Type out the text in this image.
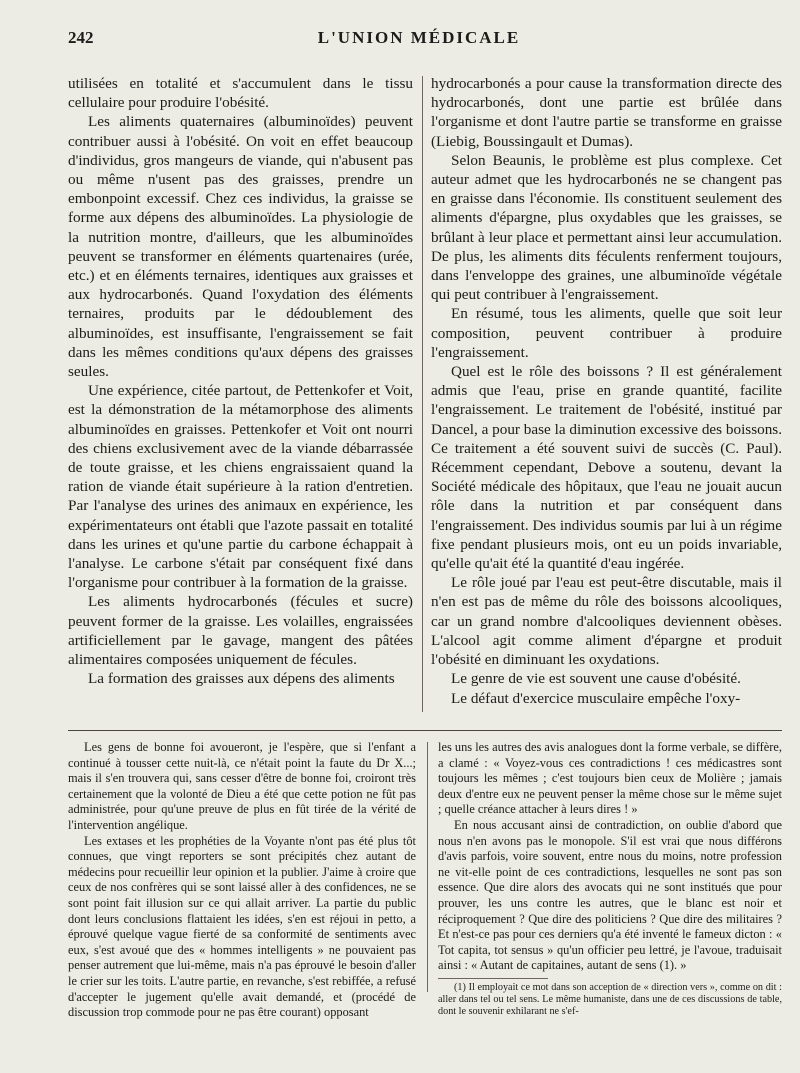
242	L'UNION MÉDICALE

utilisées en totalité et s'accumulent dans le tissu cellulaire pour produire l'obésité.

Les aliments quaternaires (albuminoïdes) peuvent contribuer aussi à l'obésité. On voit en effet beaucoup d'individus, gros mangeurs de viande, qui n'abusent pas ou même n'usent pas des graisses, prendre un embonpoint excessif. Chez ces individus, la graisse se forme aux dépens des albuminoïdes. La physiologie de la nutrition montre, d'ailleurs, que les albuminoïdes peuvent se transformer en éléments quartenaires (urée, etc.) et en éléments ternaires, identiques aux graisses et aux hydrocarbonés. Quand l'oxydation des éléments ternaires, produits par le dédoublement des albuminoïdes, est insuffisante, l'engraissement se fait dans les mêmes conditions qu'aux dépens des graisses seules.

Une expérience, citée partout, de Pettenkofer et Voit, est la démonstration de la métamorphose des aliments albuminoïdes en graisses. Pettenkofer et Voit ont nourri des chiens exclusivement avec de la viande débarrassée de toute graisse, et les chiens engraissaient quand la ration de viande était supérieure à la ration d'entretien. Par l'analyse des urines des animaux en expérience, les expérimentateurs ont établi que l'azote passait en totalité dans les urines et qu'une partie du carbone échappait à l'analyse. Le carbone s'était par conséquent fixé dans l'organisme pour contribuer à la formation de la graisse.

Les aliments hydrocarbonés (fécules et sucre) peuvent former de la graisse. Les volailles, engraissées artificiellement par le gavage, mangent des pâtées alimentaires composées uniquement de fécules.

La formation des graisses aux dépens des aliments

hydrocarbonés a pour cause la transformation directe des hydrocarbonés, dont une partie est brûlée dans l'organisme et dont l'autre partie se transforme en graisse (Liebig, Boussingault et Dumas).

Selon Beaunis, le problème est plus complexe. Cet auteur admet que les hydrocarbonés ne se changent pas en graisse dans l'économie. Ils constituent seulement des aliments d'épargne, plus oxydables que les graisses, se brûlant à leur place et permettant ainsi leur accumulation. De plus, les aliments dits féculents renferment toujours, dans l'enveloppe des graines, une albuminoïde végétale qui peut contribuer à l'engraissement.

En résumé, tous les aliments, quelle que soit leur composition, peuvent contribuer à produire l'engraissement.

Quel est le rôle des boissons ? Il est généralement admis que l'eau, prise en grande quantité, facilite l'engraissement. Le traitement de l'obésité, institué par Dancel, a pour base la diminution excessive des boissons. Ce traitement a été souvent suivi de succès (C. Paul). Récemment cependant, Debove a soutenu, devant la Société médicale des hôpitaux, que l'eau ne jouait aucun rôle dans la nutrition et par conséquent dans l'engraissement. Des individus soumis par lui à un régime fixe pendant plusieurs mois, ont eu un poids invariable, qu'elle qu'ait été la quantité d'eau ingérée.

Le rôle joué par l'eau est peut-être discutable, mais il n'en est pas de même du rôle des boissons alcooliques, car un grand nombre d'alcooliques deviennent obèses. L'alcool agit comme aliment d'épargne et produit l'obésité en diminuant les oxydations.

Le genre de vie est souvent une cause d'obésité.

Le défaut d'exercice musculaire empêche l'oxy-

Les gens de bonne foi avoueront, je l'espère, que si l'enfant a continué à tousser cette nuit-là, ce n'était point la faute du Dr X...; mais il s'en trouvera qui, sans cesser d'être de bonne foi, croiront très certainement que la volonté de Dieu a été que cette potion ne fût pas administrée, pour qu'une preuve de plus en fût tirée de la vérité de l'intervention angélique.

Les extases et les prophéties de la Voyante n'ont pas été plus tôt connues, que vingt reporters se sont précipités chez autant de médecins pour recueillir leur opinion et la publier. J'aime à croire que ceux de nos confrères qui se sont laissé aller à des confidences, ne se sont point fait illusion sur ce qui allait arriver. La partie du public dont leurs conclusions flattaient les idées, s'en est réjoui in petto, a éprouvé quelque vague fierté de sa conformité de sentiments avec eux, s'est avoué que des « hommes intelligents » ne pouvaient pas penser autrement que lui-même, mais n'a pas éprouvé le besoin d'aller le crier sur les toits. L'autre partie, en revanche, s'est rebiffée, a refusé d'accepter le jugement qu'elle avait demandé, et (procédé de discussion trop commode pour ne pas être courant) opposant

les uns les autres des avis analogues dont la forme verbale, se diffère, a clamé : « Voyez-vous ces contradictions ! ces médicastres sont toujours les mêmes ; c'est toujours bien ceux de Molière ; jamais deux d'entre eux ne peuvent penser la même chose sur le même sujet ; quelle créance attacher à leurs dires ! »

En nous accusant ainsi de contradiction, on oublie d'abord que nous n'en avons pas le monopole. S'il est vrai que nous différons d'avis parfois, voire souvent, entre nous du moins, notre profession ne vit-elle point de ces contradictions, lesquelles ne sont pas son essence. Que dire alors des avocats qui ne sont institués que pour prouver, les uns contre les autres, que le blanc est noir et réciproquement ? Que dire des politiciens ? Que dire des militaires ? Et n'est-ce pas pour ces derniers qu'a été inventé le fameux dicton : « Tot capita, tot sensus » qu'un officier peu lettré, je l'avoue, traduisait ainsi : « Autant de capitaines, autant de sens (1). »

(1) Il employait ce mot dans son acception de « direction vers », comme on dit : aller dans tel ou tel sens. Le même humaniste, dans une de ces discussions de table, dont le souvenir exhilarant ne s'ef-
